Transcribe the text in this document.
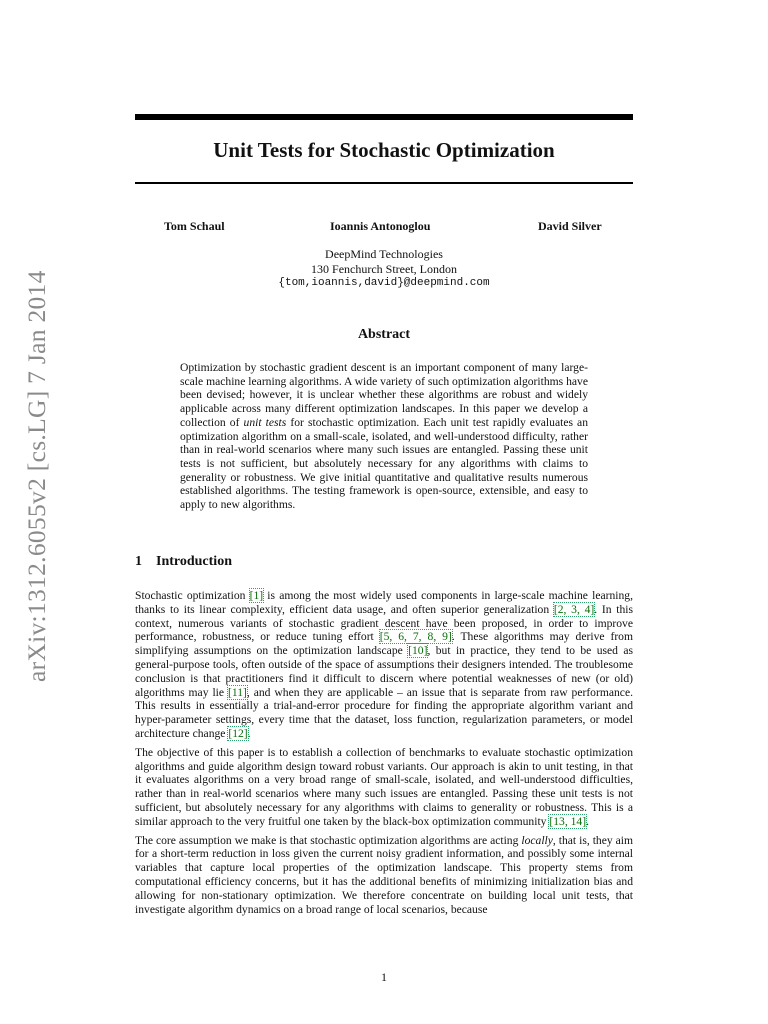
Unit Tests for Stochastic Optimization
Tom Schaul	Ioannis Antonoglou	David Silver
DeepMind Technologies
130 Fenchurch Street, London
{tom,ioannis,david}@deepmind.com
Abstract

Optimization by stochastic gradient descent is an important component of many large-scale machine learning algorithms. A wide variety of such optimization algorithms have been devised; however, it is unclear whether these algorithms are robust and widely applicable across many different optimization landscapes. In this paper we develop a collection of unit tests for stochastic optimization. Each unit test rapidly evaluates an optimization algorithm on a small-scale, isolated, and well-understood difficulty, rather than in real-world scenarios where many such issues are entangled. Passing these unit tests is not sufficient, but absolutely necessary for any algorithms with claims to generality or robustness. We give initial quantitative and qualitative results numerous established algorithms. The testing framework is open-source, extensible, and easy to apply to new algorithms.

1 Introduction

Stochastic optimization [1] is among the most widely used components in large-scale machine learning, thanks to its linear complexity, efficient data usage, and often superior generalization [2, 3, 4]. In this context, numerous variants of stochastic gradient descent have been proposed, in order to improve performance, robustness, or reduce tuning effort [5, 6, 7, 8, 9]. These algorithms may derive from simplifying assumptions on the optimization landscape [10], but in practice, they tend to be used as general-purpose tools, often outside of the space of assumptions their designers intended. The troublesome conclusion is that practitioners find it difficult to discern where potential weaknesses of new (or old) algorithms may lie [11], and when they are applicable – an issue that is separate from raw performance. This results in essentially a trial-and-error procedure for finding the appropriate algorithm variant and hyper-parameter settings, every time that the dataset, loss function, regularization parameters, or model architecture change [12].

The objective of this paper is to establish a collection of benchmarks to evaluate stochastic optimization algorithms and guide algorithm design toward robust variants. Our approach is akin to unit testing, in that it evaluates algorithms on a very broad range of small-scale, isolated, and well-understood difficulties, rather than in real-world scenarios where many such issues are entangled. Passing these unit tests is not sufficient, but absolutely necessary for any algorithms with claims to generality or robustness. This is a similar approach to the very fruitful one taken by the black-box optimization community [13, 14].

The core assumption we make is that stochastic optimization algorithms are acting locally, that is, they aim for a short-term reduction in loss given the current noisy gradient information, and possibly some internal variables that capture local properties of the optimization landscape. This property stems from computational efficiency concerns, but it has the additional benefits of minimizing initialization bias and allowing for non-stationary optimization. We therefore concentrate on building local unit tests, that investigate algorithm dynamics on a broad range of local scenarios, because

1
arXiv:1312.6055v2 [cs.LG] 7 Jan 2014
